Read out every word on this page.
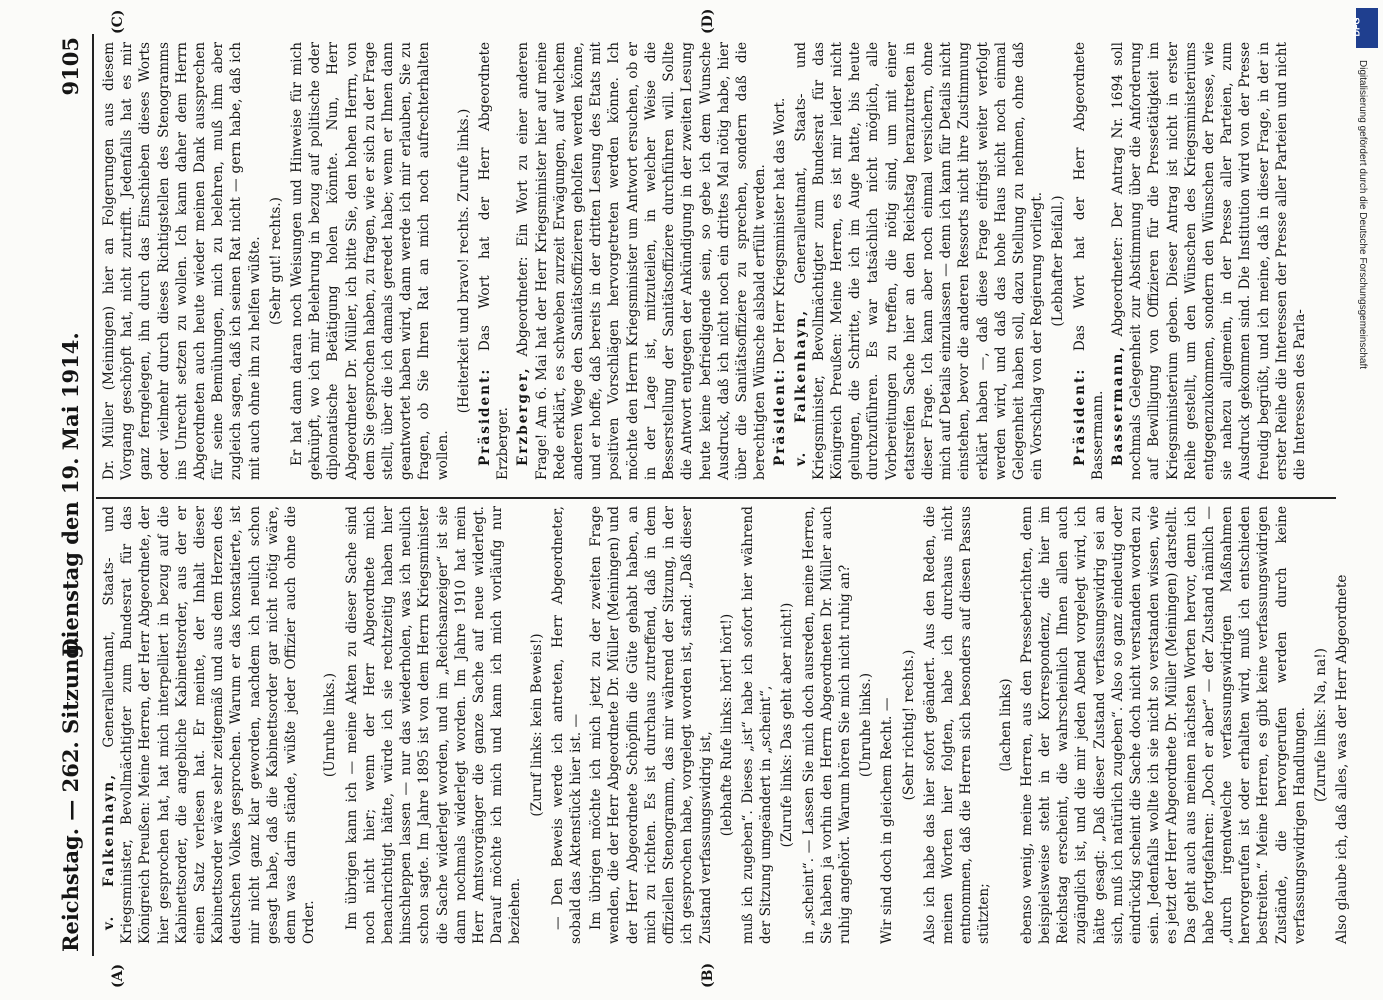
Reichstag. — 262. Sitzung.
Dienstag den 19. Mai 1914.
9105
(A)	(B)
(C)	(D)

v. Falkenhayn, Generalleutnant, Staats- und Kriegsminister, Bevollmächtigter zum Bundesrat für das Königreich Preußen: Meine Herren, der Herr Abgeordnete, der hier gesprochen hat, hat mich interpelliert in bezug auf die Kabinettsorder, die angebliche Kabinettsorder, aus der er einen Satz verlesen hat. Er meinte, der Inhalt dieser Kabinettsorder wäre sehr zeitgemäß und aus dem Herzen des deutschen Volkes gesprochen. Warum er das konstatierte, ist mir nicht ganz klar geworden, nachdem ich neulich schon gesagt habe, daß die Kabinettsorder gar nicht nötig wäre, denn was darin stände, wüßte jeder Offizier auch ohne die Order.

(Unruhe links.) Im übrigen kann ich — meine Akten zu dieser Sache sind noch nicht hier; wenn der Herr Abgeordnete mich benachrichtigt hätte, würde ich sie rechtzeitig haben hier hinschleppen lassen — nur das wiederholen, was ich neulich schon sagte. Im Jahre 1895 ist von dem Herrn Kriegsminister die Sache widerlegt worden, und im „Reichsanzeiger“ ist sie dann nochmals widerlegt worden. Im Jahre 1910 hat mein Herr Amtsvorgänger die ganze Sache auf neue widerlegt. Darauf möchte ich mich und kann ich mich vorläufig nur beziehen.

(Zuruf links: kein Beweis!) — Den Beweis werde ich antreten, Herr Abgeordneter, sobald das Aktenstück hier ist. — Im übrigen möchte ich mich jetzt zu der zweiten Frage wenden, die der Herr Abgeordnete Dr. Müller (Meiningen) und der Herr Abgeordnete Schöpflin die Güte gehabt haben, an mich zu richten. Es ist durchaus zutreffend, daß in dem offiziellen Stenogramm, das mir während der Sitzung, in der ich gesprochen habe, vorgelegt worden ist, stand: „Daß dieser Zustand verfassungswidrig ist,

(lebhafte Rufe links: hört! hört!) muß ich zugeben“. Dieses „ist“ habe ich sofort hier während der Sitzung umgeändert in „scheint“, (Zurufe links: Das geht aber nicht!) in „scheint“. — Lassen Sie mich doch ausreden, meine Herren, Sie haben ja vorhin den Herrn Abgeordneten Dr. Müller auch ruhig angehört. Warum hören Sie mich nicht ruhig an? (Unruhe links.) Wir sind doch in gleichem Recht. — (Sehr richtig! rechts.) Also ich habe das hier sofort geändert. Aus den Reden, die meinen Worten hier folgten, habe ich durchaus nicht entnommen, daß die Herren sich besonders auf diesen Passus stützten;

(lachen links) ebenso wenig, meine Herren, aus den Presseberichten, denn beispielsweise steht in der Korrespondenz, die hier im Reichstag erscheint, die wahrscheinlich Ihnen allen auch zugänglich ist, und die mir jeden Abend vorgelegt wird, ich hätte gesagt: „Daß dieser Zustand verfassungswidrig sei an sich, muß ich natürlich zugeben“. Also so ganz eindeutig oder eindrückig scheint die Sache doch nicht verstanden worden zu sein. Jedenfalls wollte ich sie nicht so verstanden wissen, wie es jetzt der Herr Abgeordnete Dr. Müller (Meiningen) darstellt. Das geht auch aus meinen nächsten Worten hervor, denn ich habe fortgefahren: „Doch er aber“ — der Zustand nämlich — „durch irgendwelche verfassungswidrigen Maßnahmen hervorgerufen ist oder erhalten wird, muß ich entschieden bestreiten.“ Meine Herren, es gibt keine verfassungswidrigen Zustände, die hervorgerufen werden durch keine verfassungswidrigen Handlungen. (Zurufe links: Na, na!) Also glaube ich, daß alles, was der Herr Abgeordnete

Dr. Müller (Meiningen) hier an Folgerungen aus diesem Vorgang geschöpft hat, nicht zutrifft. Jedenfalls hat es mir ganz ferngelegen, ihn durch das Einschieben dieses Worts oder vielmehr durch dieses Richtigstellen des Stenogramms ins Unrecht setzen zu wollen. Ich kann daher dem Herrn Abgeordneten auch heute wieder meinen Dank aussprechen für seine Bemühungen, mich zu belehren, muß ihm aber zugleich sagen, daß ich seinen Rat nicht — gern habe, daß ich mit auch ohne ihn zu helfen wüßte. (Sehr gut! rechts.) Er hat dann daran noch Weisungen und Hinweise für mich geknüpft, wo ich mir Belehrung in bezug auf politische oder diplomatische Betätigung holen könnte. Nun, Herr Abgeordneter Dr. Müller, ich bitte Sie, den hohen Herrn, von dem Sie gesprochen haben, zu fragen, wie er sich zu der Frage stellt, über die ich damals geredet habe; wenn er Ihnen dann geantwortet haben wird, dann werde ich mir erlauben, Sie zu fragen, ob Sie Ihren Rat an mich noch aufrechterhalten wollen.

(Heiterkeit und bravo! rechts. Zurufe links.)

Präsident: Das Wort hat der Herr Abgeordnete Erzberger. Erzberger, Abgeordneter: Ein Wort zu einer anderen Frage! Am 6. Mai hat der Herr Kriegsminister hier auf meine Rede erklärt, es schweben zurzeit Erwägungen, auf welchem anderen Wege den Sanitätsoffizieren geholfen werden könne, und er hoffe, daß bereits in der dritten Lesung des Etats mit positiven Vorschlägen hervorgetreten werden könne. Ich möchte den Herrn Kriegsminister um Antwort ersuchen, ob er in der Lage ist, mitzuteilen, in welcher Weise die Besserstellung der Sanitätsoffiziere durchführen will. Sollte die Antwort entgegen der Ankündigung in der zweiten Lesung heute keine befriedigende sein, so gebe ich dem Wunsche Ausdruck, daß ich nicht noch ein drittes Mal nötig habe, hier über die Sanitätsoffiziere zu sprechen, sondern daß die berechtigten Wünsche alsbald erfüllt werden. Präsident: Der Herr Kriegsminister hat das Wort.

v. Falkenhayn, Generalleutnant, Staats- und Kriegsminister, Bevollmächtigter zum Bundesrat für das Königreich Preußen: Meine Herren, es ist mir leider nicht gelungen, die Schritte, die ich im Auge hatte, bis heute durchzuführen. Es war tatsächlich nicht möglich, alle Vorbereitungen zu treffen, die nötig sind, um mit einer etatsreifen Sache hier an den Reichstag heranzutreten in dieser Frage. Ich kann aber noch einmal versichern, ohne mich auf Details einzulassen — denn ich kann für Details nicht einstehen, bevor die anderen Ressorts nicht ihre Zustimmung erklärt haben —, daß diese Frage eifrigst weiter verfolgt werden wird, und daß das hohe Haus nicht noch einmal Gelegenheit haben soll, dazu Stellung zu nehmen, ohne daß ein Vorschlag von der Regierung vorliegt. (Lebhafter Beifall.)

Präsident: Das Wort hat der Herr Abgeordnete Bassermann. Bassermann, Abgeordneter: Der Antrag Nr. 1694 soll nochmals Gelegenheit zur Abstimmung über die Anforderung auf Bewilligung von Offizieren für die Pressetätigkeit im Kriegsministerium geben. Dieser Antrag ist nicht in erster Reihe gestellt, um den Wünschen des Kriegsministeriums entgegenzukommen, sondern den Wünschen der Presse, wie sie nahezu allgemein, in der Presse aller Parteien, zum Ausdruck gekommen sind. Die Institution wird von der Presse freudig begrüßt, und ich meine, daß in dieser Frage, in der in erster Reihe die Interessen der Presse aller Parteien und nicht die Interessen des Parla-

DFG
Digitalisierung gefördert durch die Deutsche Forschungsgemeinschaft
